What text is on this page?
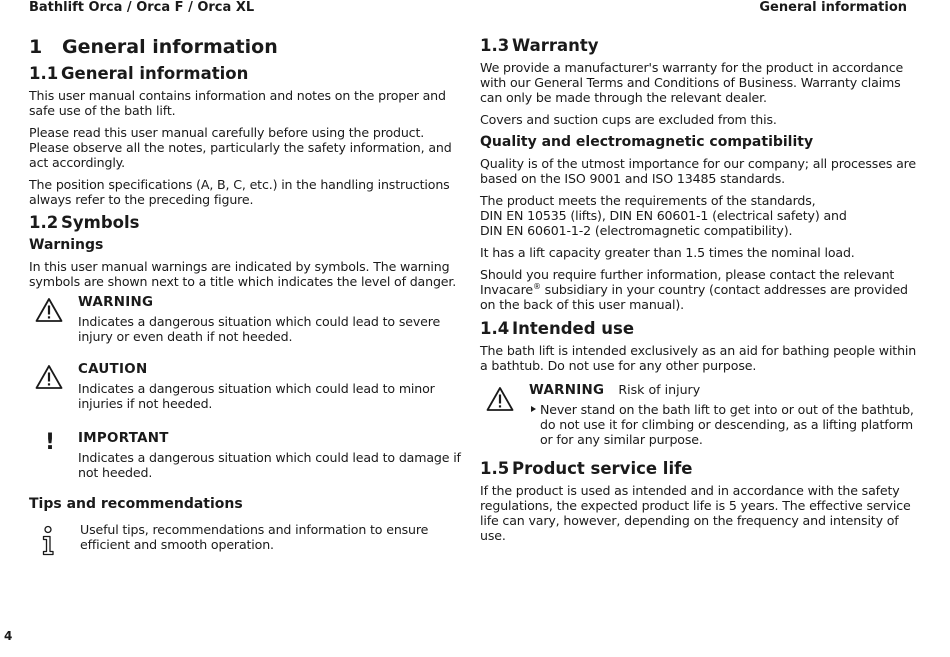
Bathlift Orca / Orca F / Orca XL	General information
1 General information
1.1 General information

This user manual contains information and notes on the proper and safe use of the bath lift.

Please read this user manual carefully before using the product. Please observe all the notes, particularly the safety information, and act accordingly.

The position specifications (A, B, C, etc.) in the handling instructions always refer to the preceding figure.

1.2 Symbols
Warnings

In this user manual warnings are indicated by symbols. The warning symbols are shown next to a title which indicates the level of danger.

WARNING

Indicates a dangerous situation which could lead to severe injury or even death if not heeded.

CAUTION

Indicates a dangerous situation which could lead to minor injuries if not heeded.

! IMPORTANT

Indicates a dangerous situation which could lead to damage if not heeded.

Tips and recommendations

Useful tips, recommendations and information to ensure efficient and smooth operation.

1.3 Warranty

We provide a manufacturer's warranty for the product in accordance with our General Terms and Conditions of Business. Warranty claims can only be made through the relevant dealer.

Covers and suction cups are excluded from this.

Quality and electromagnetic compatibility

Quality is of the utmost importance for our company; all processes are based on the ISO 9001 and ISO 13485 standards.

The product meets the requirements of the standards,
DIN EN 10535 (lifts), DIN EN 60601-1 (electrical safety) and
DIN EN 60601-1-2 (electromagnetic compatibility).

It has a lift capacity greater than 1.5 times the nominal load.

Should you require further information, please contact the relevant Invacare® subsidiary in your country (contact addresses are provided on the back of this user manual).

1.4 Intended use

The bath lift is intended exclusively as an aid for bathing people within a bathtub. Do not use for any other purpose.

WARNING Risk of injury

Never stand on the bath lift to get into or out of the bathtub, do not use it for climbing or descending, as a lifting platform or for any similar purpose.

1.5 Product service life

If the product is used as intended and in accordance with the safety regulations, the expected product life is 5 years. The effective service life can vary, however, depending on the frequency and intensity of use.

4
